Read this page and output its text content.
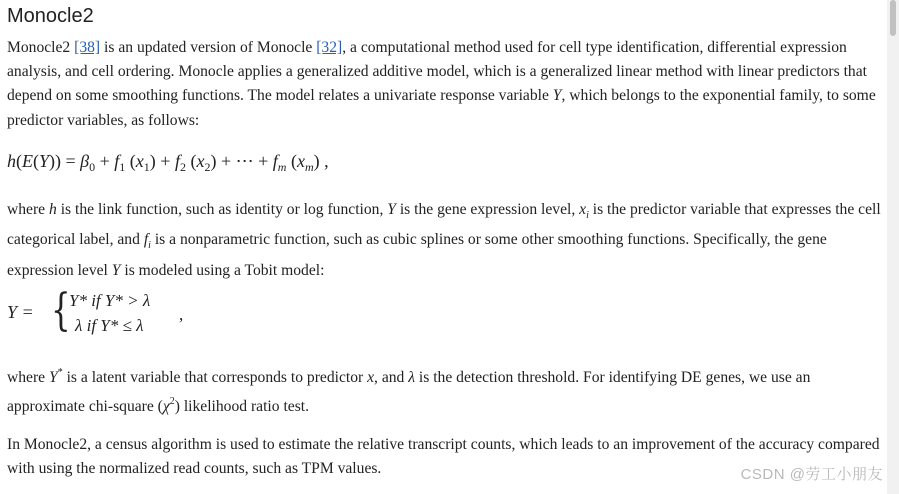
Monocle2

Monocle2 [38] is an updated version of Monocle [32], a computational method used for cell type identification, differential expression analysis, and cell ordering. Monocle applies a generalized additive model, which is a generalized linear method with linear predictors that depend on some smoothing functions. The model relates a univariate response variable Y, which belongs to the exponential family, to some predictor variables, as follows:

$h(E(Y)) = \beta_0 + f_1$ $(x_1) + f_2$ $(x_2)$ + ⋯ + $f_m$ $(x_m)$ ,

where h is the link function, such as identity or log function, Y is the gene expression level, $x_i$ is the predictor variable that expresses the cell categorical label, and $f_i$ is a nonparametric function, such as cubic splines or some other smoothing functions. Specifically, the gene expression level Y is modeled using a Tobit model:

Y = {
Y* if Y* > λ
λ if Y* ≤ λ
,

where Y* is a latent variable that corresponds to predictor x, and λ is the detection threshold. For identifying DE genes, we use an approximate chi-square $(\chi^2)$ likelihood ratio test.

In Monocle2, a census algorithm is used to estimate the relative transcript counts, which leads to an improvement of the accuracy compared with using the normalized read counts, such as TPM values.	CSDN @劳工小朋友
